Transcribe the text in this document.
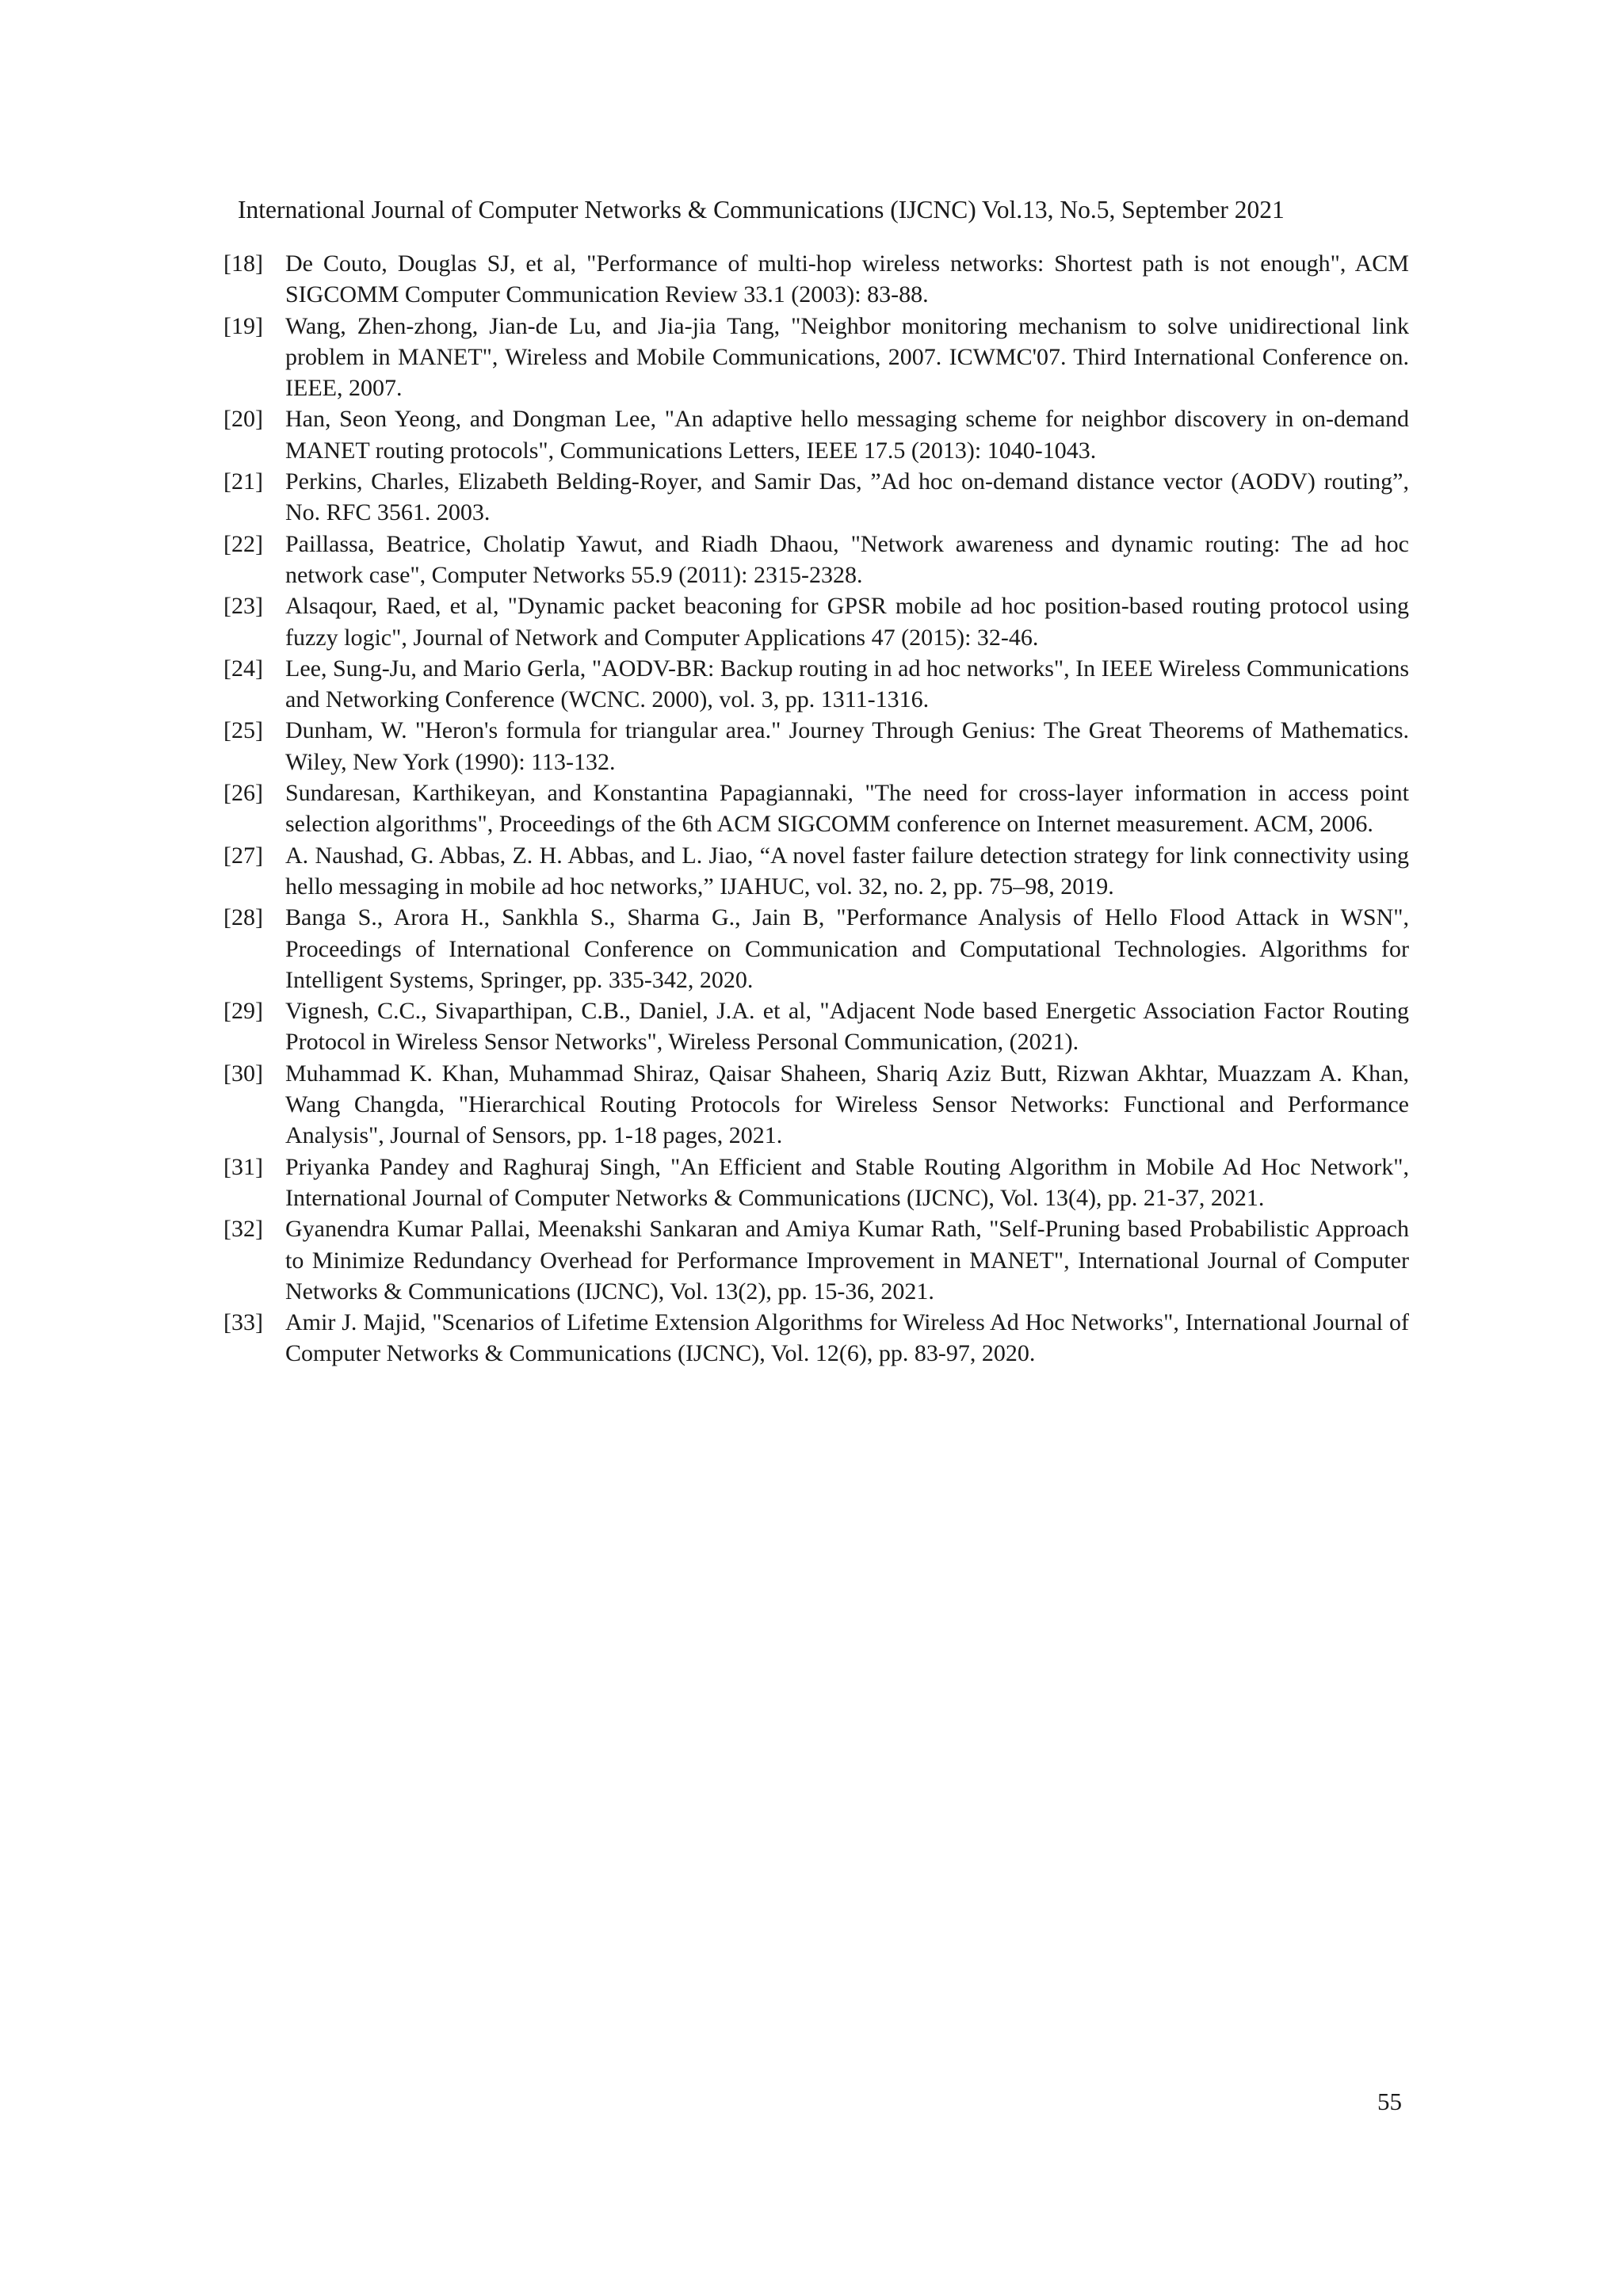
International Journal of Computer Networks & Communications (IJCNC) Vol.13, No.5, September 2021
[18] De Couto, Douglas SJ, et al, "Performance of multi-hop wireless networks: Shortest path is not enough", ACM SIGCOMM Computer Communication Review 33.1 (2003): 83-88.
[19] Wang, Zhen-zhong, Jian-de Lu, and Jia-jia Tang, "Neighbor monitoring mechanism to solve unidirectional link problem in MANET", Wireless and Mobile Communications, 2007. ICWMC'07. Third International Conference on. IEEE, 2007.
[20] Han, Seon Yeong, and Dongman Lee, "An adaptive hello messaging scheme for neighbor discovery in on-demand MANET routing protocols", Communications Letters, IEEE 17.5 (2013): 1040-1043.
[21] Perkins, Charles, Elizabeth Belding-Royer, and Samir Das, ”Ad hoc on-demand distance vector (AODV) routing”, No. RFC 3561. 2003.
[22] Paillassa, Beatrice, Cholatip Yawut, and Riadh Dhaou, "Network awareness and dynamic routing: The ad hoc network case", Computer Networks 55.9 (2011): 2315-2328.
[23] Alsaqour, Raed, et al, "Dynamic packet beaconing for GPSR mobile ad hoc position-based routing protocol using fuzzy logic", Journal of Network and Computer Applications 47 (2015): 32-46.
[24] Lee, Sung-Ju, and Mario Gerla, "AODV-BR: Backup routing in ad hoc networks", In IEEE Wireless Communications and Networking Conference (WCNC. 2000), vol. 3, pp. 1311-1316.
[25] Dunham, W. "Heron's formula for triangular area." Journey Through Genius: The Great Theorems of Mathematics. Wiley, New York (1990): 113-132.
[26] Sundaresan, Karthikeyan, and Konstantina Papagiannaki, "The need for cross-layer information in access point selection algorithms", Proceedings of the 6th ACM SIGCOMM conference on Internet measurement. ACM, 2006.
[27] A. Naushad, G. Abbas, Z. H. Abbas, and L. Jiao, “A novel faster failure detection strategy for link connectivity using hello messaging in mobile ad hoc networks,” IJAHUC, vol. 32, no. 2, pp. 75–98, 2019.
[28] Banga S., Arora H., Sankhla S., Sharma G., Jain B, "Performance Analysis of Hello Flood Attack in WSN", Proceedings of International Conference on Communication and Computational Technologies. Algorithms for Intelligent Systems, Springer, pp. 335-342, 2020.
[29] Vignesh, C.C., Sivaparthipan, C.B., Daniel, J.A. et al, "Adjacent Node based Energetic Association Factor Routing Protocol in Wireless Sensor Networks", Wireless Personal Communication, (2021).
[30] Muhammad K. Khan, Muhammad Shiraz, Qaisar Shaheen, Shariq Aziz Butt, Rizwan Akhtar, Muazzam A. Khan, Wang Changda, "Hierarchical Routing Protocols for Wireless Sensor Networks: Functional and Performance Analysis", Journal of Sensors, pp. 1-18 pages, 2021.
[31] Priyanka Pandey and Raghuraj Singh, "An Efficient and Stable Routing Algorithm in Mobile Ad Hoc Network", International Journal of Computer Networks & Communications (IJCNC), Vol. 13(4), pp. 21-37, 2021.
[32] Gyanendra Kumar Pallai, Meenakshi Sankaran and Amiya Kumar Rath, "Self-Pruning based Probabilistic Approach to Minimize Redundancy Overhead for Performance Improvement in MANET", International Journal of Computer Networks & Communications (IJCNC), Vol. 13(2), pp. 15-36, 2021.
[33] Amir J. Majid, "Scenarios of Lifetime Extension Algorithms for Wireless Ad Hoc Networks", International Journal of Computer Networks & Communications (IJCNC), Vol. 12(6), pp. 83-97, 2020.
55
